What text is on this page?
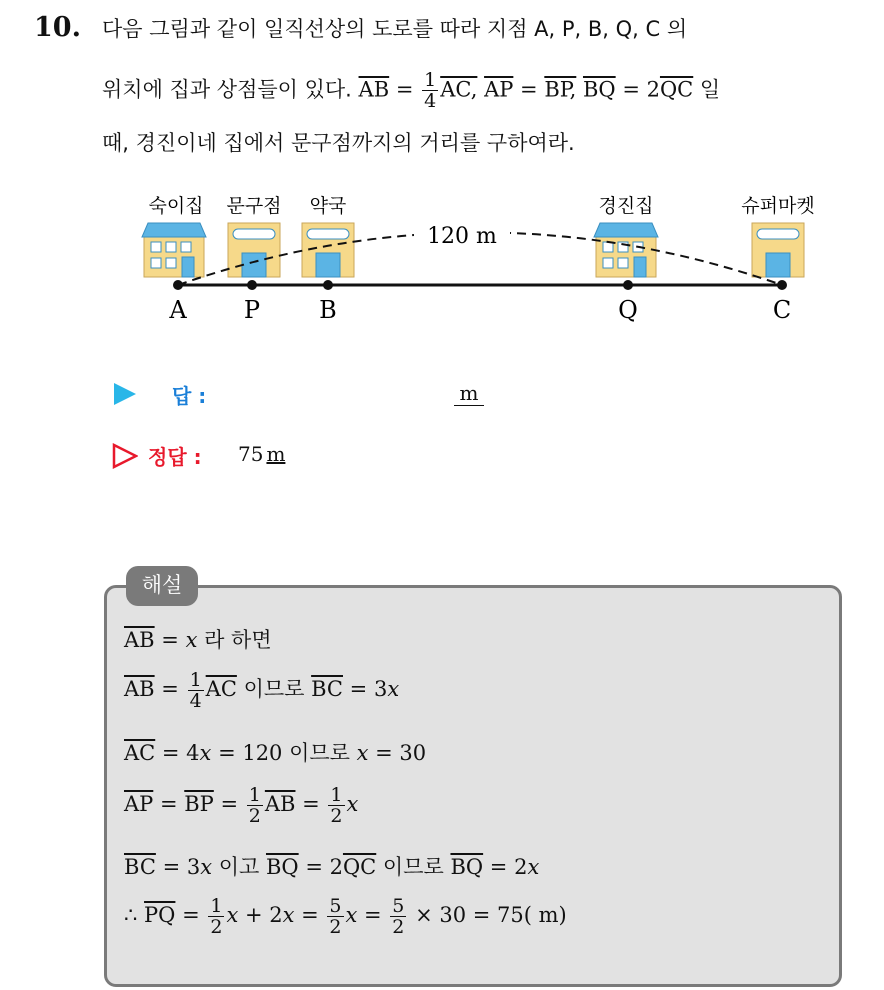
10. 다음 그림과 같이 일직선상의 도로를 따라 지점 A, P, B, Q, C 의
위치에 집과 상점들이 있다. $\overline{AB} = \frac{1}{4}$ AC, $\overline{AP}$ = BP, $\overline{BQ} = 2\overline{QC}$ 일
때, 경진이네 집에서 문구점까지의 거리를 구하여라.
숙이집 문구점 약국	경진집	슈퍼마켓
120 m
A P B	Q	C
답 :	m
정답 : 75 m
해설
$\overline{AB} = x$ 라 하면
$\overline{AB} = \frac{1}{4} \overline{AC}$ 이므로 $\overline{BC} = 3x$
$\overline{AC} = 4x = 120$ 이므로 x = 30
$\overline{AP} = \overline{BP} = \frac{1}{2} \overline{AB} = \frac{1}{2}$ x
$\overline{BC} = 3x$ 이고 $\overline{BQ} = 2\overline{QC}$ 이므로 $\overline{BQ} = 2x$
∴ $\overline{PQ} = \frac{1}{2}$ $x + 2x = \frac{5}{2}$ $x = \frac{5}{2} \times 30 = 75$( m)
